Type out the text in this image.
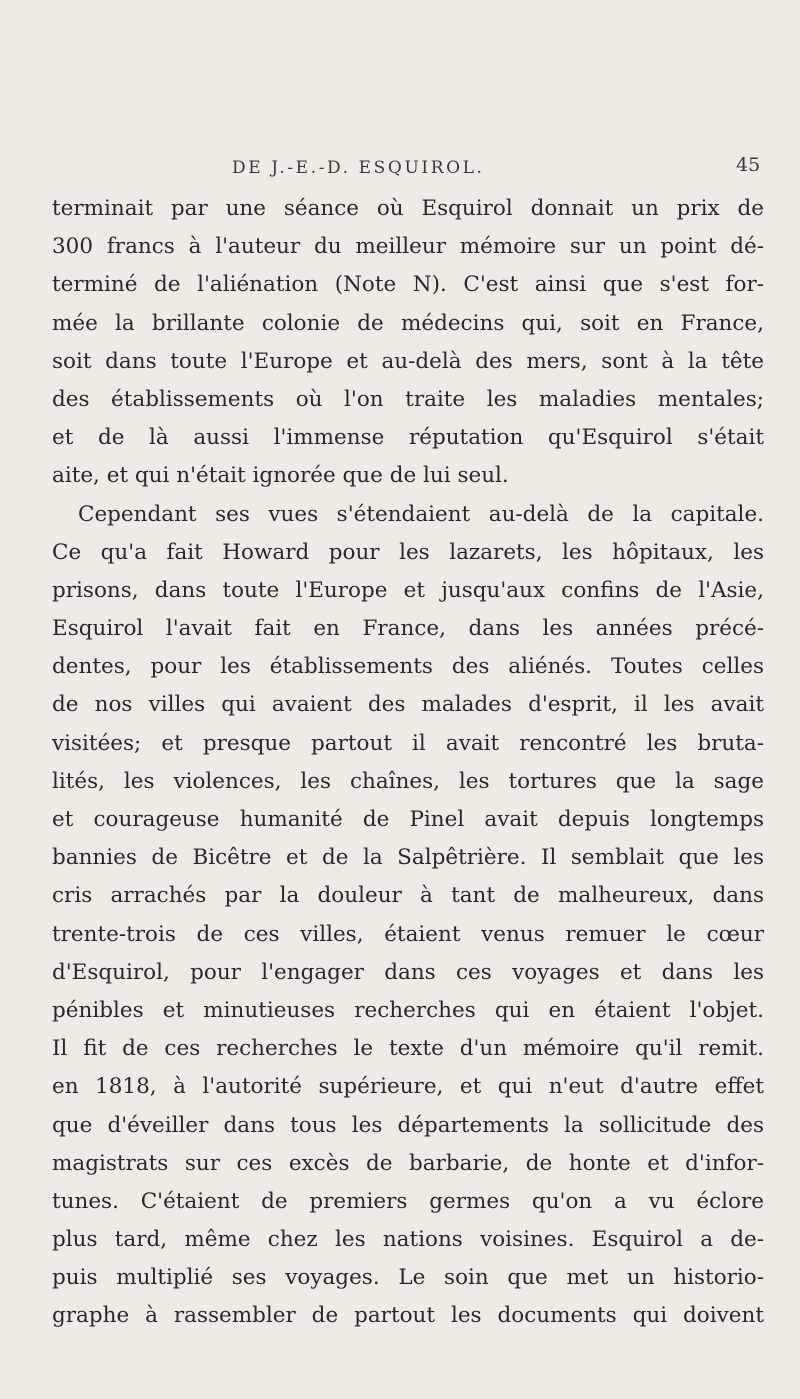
DE J.-E.-D. ESQUIROL.	45
terminait par une séance où Esquirol donnait un prix de
300 francs à l'auteur du meilleur mémoire sur un point dé-
terminé de l'aliénation (Note N). C'est ainsi que s'est for-
mée la brillante colonie de médecins qui, soit en France,
soit dans toute l'Europe et au-delà des mers, sont à la tête
des établissements où l'on traite les maladies mentales;
et de là aussi l'immense réputation qu'Esquirol s'était
aite, et qui n'était ignorée que de lui seul.
Cependant ses vues s'étendaient au-delà de la capitale.
Ce qu'a fait Howard pour les lazarets, les hôpitaux, les
prisons, dans toute l'Europe et jusqu'aux confins de l'Asie,
Esquirol l'avait fait en France, dans les années précé-
dentes, pour les établissements des aliénés. Toutes celles
de nos villes qui avaient des malades d'esprit, il les avait
visitées; et presque partout il avait rencontré les bruta-
lités, les violences, les chaînes, les tortures que la sage
et courageuse humanité de Pinel avait depuis longtemps
bannies de Bicêtre et de la Salpêtrière. Il semblait que les
cris arrachés par la douleur à tant de malheureux, dans
trente-trois de ces villes, étaient venus remuer le cœur
d'Esquirol, pour l'engager dans ces voyages et dans les
pénibles et minutieuses recherches qui en étaient l'objet.
Il fit de ces recherches le texte d'un mémoire qu'il remit.
en 1818, à l'autorité supérieure, et qui n'eut d'autre effet
que d'éveiller dans tous les départements la sollicitude des
magistrats sur ces excès de barbarie, de honte et d'infor-
tunes. C'étaient de premiers germes qu'on a vu éclore
plus tard, même chez les nations voisines. Esquirol a de-
puis multiplié ses voyages. Le soin que met un historio-
graphe à rassembler de partout les documents qui doivent
